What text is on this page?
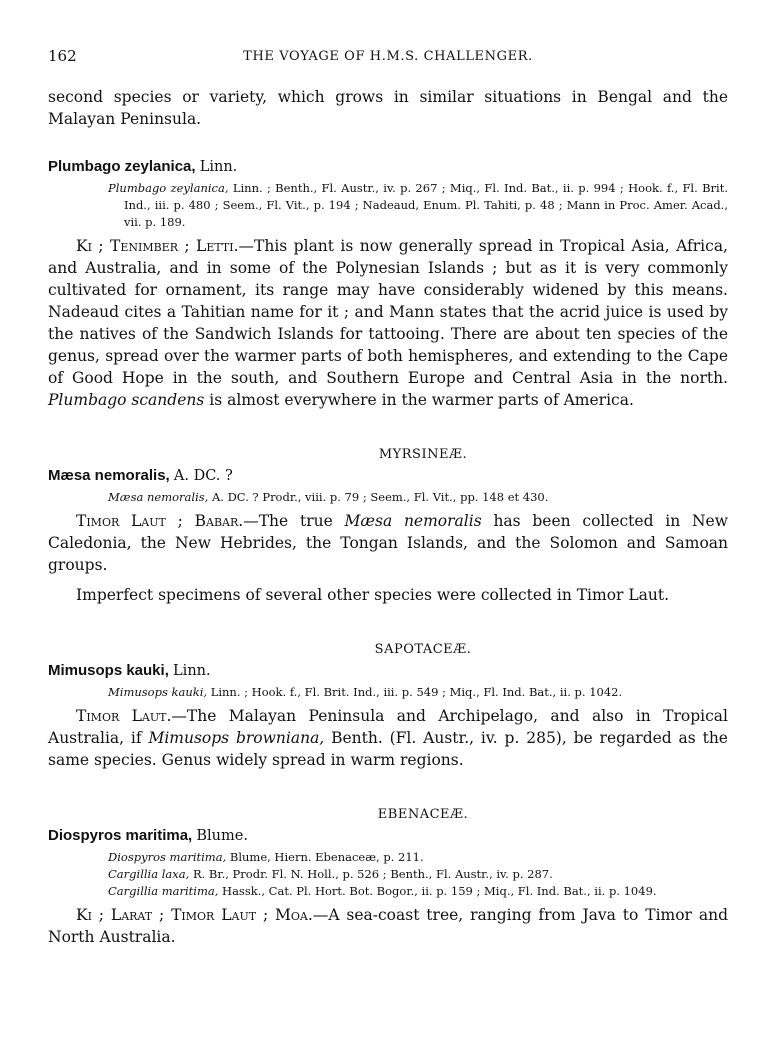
162	THE VOYAGE OF H.M.S. CHALLENGER.

second species or variety, which grows in similar situations in Bengal and the Malayan Peninsula.

Plumbago zeylanica, Linn.

Plumbago zeylanica, Linn. ; Benth., Fl. Austr., iv. p. 267 ; Miq., Fl. Ind. Bat., ii. p. 994 ; Hook. f., Fl. Brit. Ind., iii. p. 480 ; Seem., Fl. Vit., p. 194 ; Nadeaud, Enum. Pl. Tahiti, p. 48 ; Mann in Proc. Amer. Acad., vii. p. 189.

Ki ; Tenimber ; Letti.—This plant is now generally spread in Tropical Asia, Africa, and Australia, and in some of the Polynesian Islands ; but as it is very commonly cultivated for ornament, its range may have considerably widened by this means. Nadeaud cites a Tahitian name for it ; and Mann states that the acrid juice is used by the natives of the Sandwich Islands for tattooing. There are about ten species of the genus, spread over the warmer parts of both hemispheres, and extending to the Cape of Good Hope in the south, and Southern Europe and Central Asia in the north. Plumbago scandens is almost everywhere in the warmer parts of America.

MYRSINEÆ.

Mæsa nemoralis, A. DC. ?

Mæsa nemoralis, A. DC. ? Prodr., viii. p. 79 ; Seem., Fl. Vit., pp. 148 et 430.

Timor Laut ; Babar.—The true Mæsa nemoralis has been collected in New Caledonia, the New Hebrides, the Tongan Islands, and the Solomon and Samoan groups.

Imperfect specimens of several other species were collected in Timor Laut.

SAPOTACEÆ.

Mimusops kauki, Linn.

Mimusops kauki, Linn. ; Hook. f., Fl. Brit. Ind., iii. p. 549 ; Miq., Fl. Ind. Bat., ii. p. 1042.

Timor Laut.—The Malayan Peninsula and Archipelago, and also in Tropical Australia, if Mimusops browniana, Benth. (Fl. Austr., iv. p. 285), be regarded as the same species. Genus widely spread in warm regions.

EBENACEÆ.

Diospyros maritima, Blume.

Diospyros maritima, Blume, Hiern. Ebenaceæ, p. 211.

Cargillia laxa, R. Br., Prodr. Fl. N. Holl., p. 526 ; Benth., Fl. Austr., iv. p. 287.

Cargillia maritima, Hassk., Cat. Pl. Hort. Bot. Bogor., ii. p. 159 ; Miq., Fl. Ind. Bat., ii. p. 1049.

Ki ; Larat ; Timor Laut ; Moa.—A sea-coast tree, ranging from Java to Timor and North Australia.
